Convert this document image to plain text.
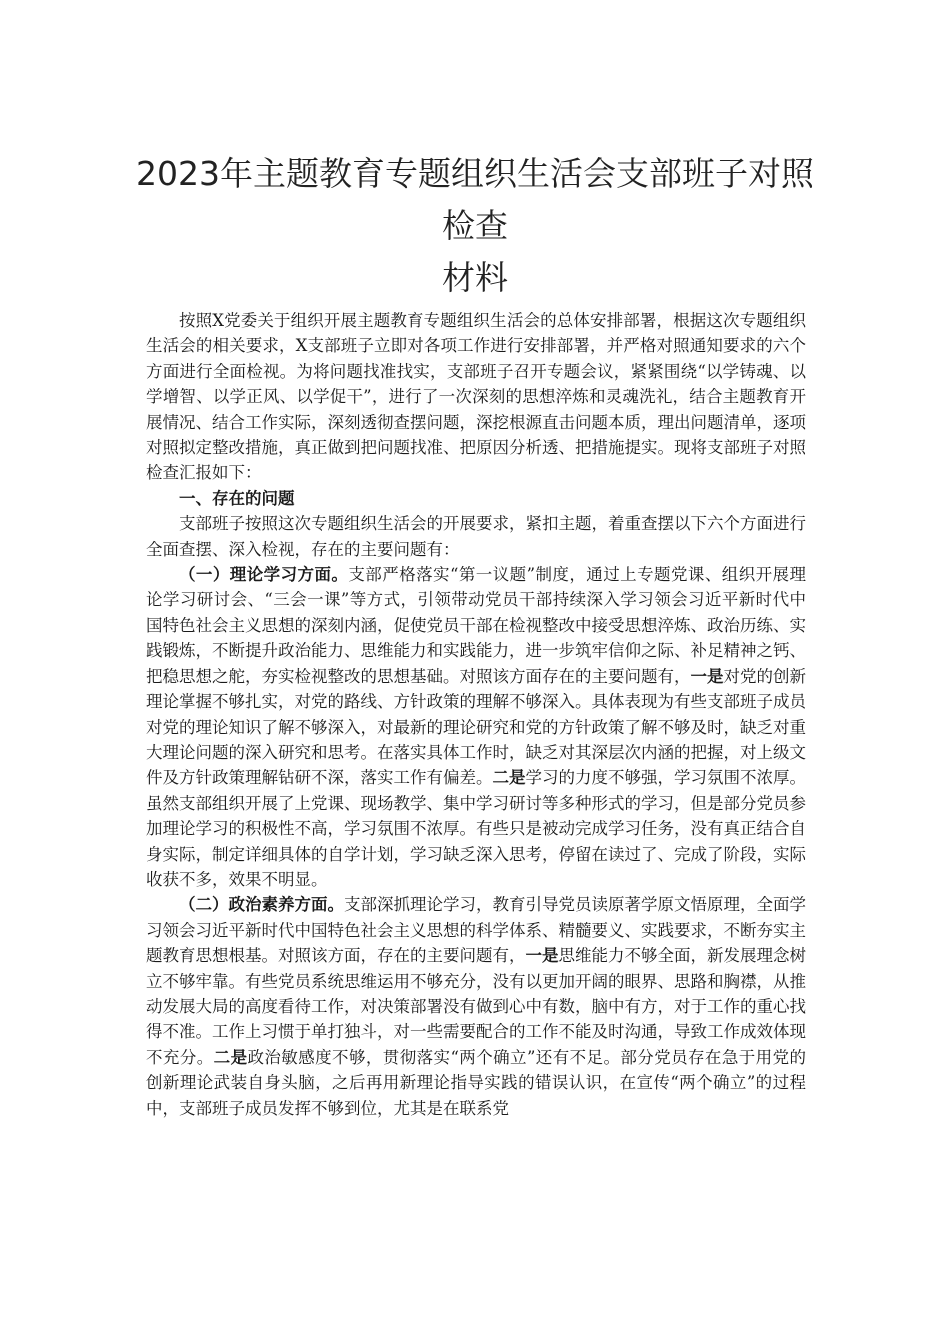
2023年主题教育专题组织生活会支部班子对照检查
材料

按照X党委关于组织开展主题教育专题组织生活会的总体安排部署，根据这次专题组织生活会的相关要求，X支部班子立即对各项工作进行安排部署，并严格对照通知要求的六个方面进行全面检视。为将问题找准找实，支部班子召开专题会议，紧紧围绕“以学铸魂、以学增智、以学正风、以学促干”，进行了一次深刻的思想淬炼和灵魂洗礼，结合主题教育开展情况、结合工作实际，深刻透彻查摆问题，深挖根源直击问题本质，理出问题清单，逐项对照拟定整改措施，真正做到把问题找准、把原因分析透、把措施提实。现将支部班子对照检查汇报如下：

一、存在的问题

支部班子按照这次专题组织生活会的开展要求，紧扣主题，着重查摆以下六个方面进行全面查摆、深入检视，存在的主要问题有：

（一）理论学习方面。支部严格落实“第一议题”制度，通过上专题党课、组织开展理论学习研讨会、“三会一课”等方式，引领带动党员干部持续深入学习领会习近平新时代中国特色社会主义思想的深刻内涵，促使党员干部在检视整改中接受思想淬炼、政治历练、实践锻炼，不断提升政治能力、思维能力和实践能力，进一步筑牢信仰之际、补足精神之钙、把稳思想之舵，夯实检视整改的思想基础。对照该方面存在的主要问题有，一是对党的创新理论掌握不够扎实，对党的路线、方针政策的理解不够深入。具体表现为有些支部班子成员对党的理论知识了解不够深入，对最新的理论研究和党的方针政策了解不够及时，缺乏对重大理论问题的深入研究和思考。在落实具体工作时，缺乏对其深层次内涵的把握，对上级文件及方针政策理解钻研不深，落实工作有偏差。二是学习的力度不够强，学习氛围不浓厚。虽然支部组织开展了上党课、现场教学、集中学习研讨等多种形式的学习，但是部分党员参加理论学习的积极性不高，学习氛围不浓厚。有些只是被动完成学习任务，没有真正结合自身实际，制定详细具体的自学计划，学习缺乏深入思考，停留在读过了、完成了阶段，实际收获不多，效果不明显。

（二）政治素养方面。支部深抓理论学习，教育引导党员读原著学原文悟原理，全面学习领会习近平新时代中国特色社会主义思想的科学体系、精髓要义、实践要求，不断夯实主题教育思想根基。对照该方面，存在的主要问题有，一是思维能力不够全面，新发展理念树立不够牢靠。有些党员系统思维运用不够充分，没有以更加开阔的眼界、思路和胸襟，从推动发展大局的高度看待工作，对决策部署没有做到心中有数，脑中有方，对于工作的重心找得不准。工作上习惯于单打独斗，对一些需要配合的工作不能及时沟通，导致工作成效体现不充分。二是政治敏感度不够，贯彻落实“两个确立”还有不足。部分党员存在急于用党的创新理论武装自身头脑，之后再用新理论指导实践的错误认识，在宣传“两个确立”的过程中，支部班子成员发挥不够到位，尤其是在联系党
